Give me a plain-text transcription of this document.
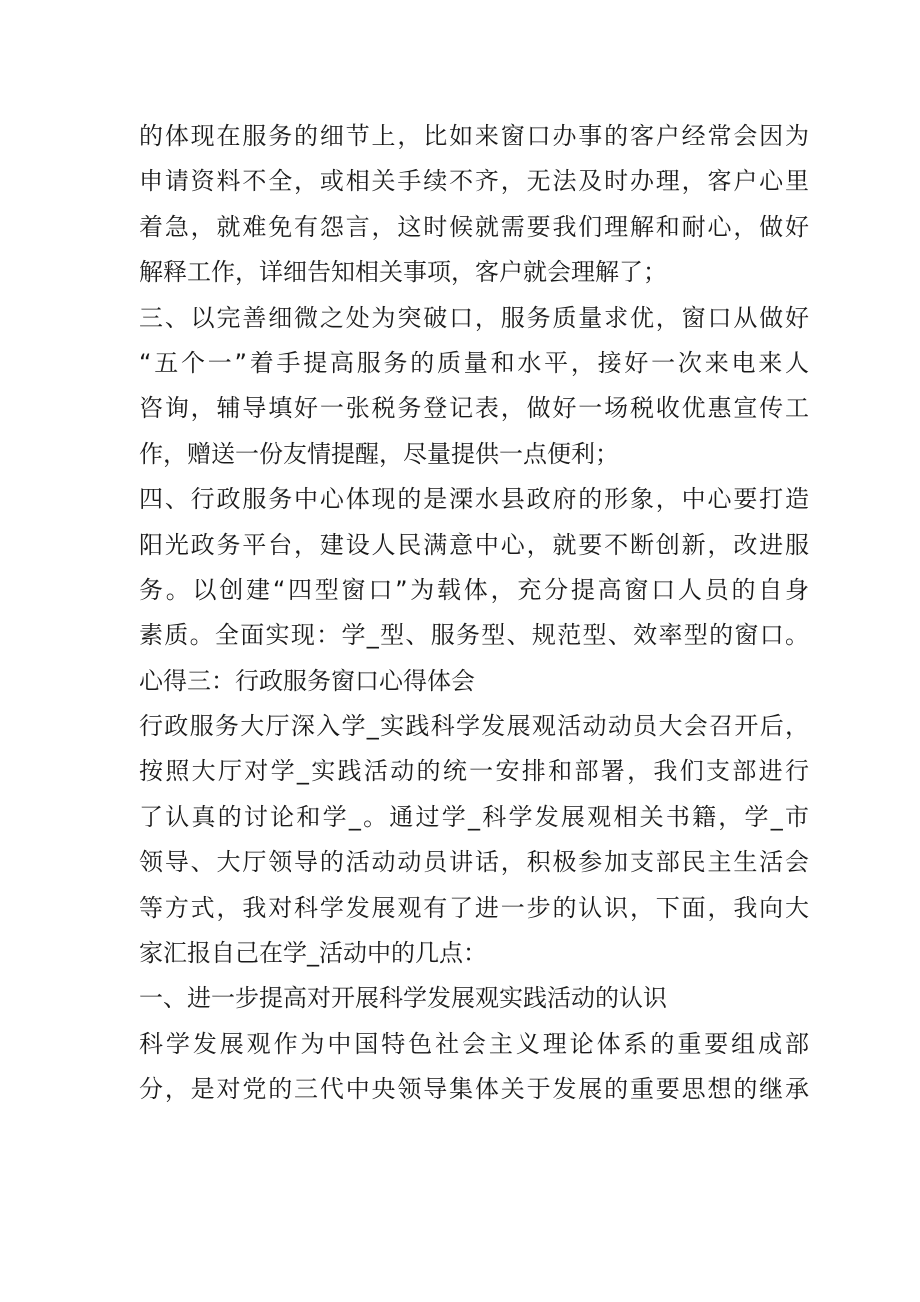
的体现在服务的细节上，比如来窗口办事的客户经常会因为
申请资料不全，或相关手续不齐，无法及时办理，客户心里
着急，就难免有怨言，这时候就需要我们理解和耐心，做好
解释工作，详细告知相关事项，客户就会理解了；
三、以完善细微之处为突破口，服务质量求优，窗口从做好
“五个一”着手提高服务的质量和水平，接好一次来电来人
咨询，辅导填好一张税务登记表，做好一场税收优惠宣传工
作，赠送一份友情提醒，尽量提供一点便利；
四、行政服务中心体现的是溧水县政府的形象，中心要打造
阳光政务平台，建设人民满意中心，就要不断创新，改进服
务。以创建“四型窗口”为载体，充分提高窗口人员的自身
素质。全面实现：学_型、服务型、规范型、效率型的窗口。
心得三：行政服务窗口心得体会
行政服务大厅深入学_实践科学发展观活动动员大会召开后，
按照大厅对学_实践活动的统一安排和部署，我们支部进行
了认真的讨论和学_。通过学_科学发展观相关书籍，学_市
领导、大厅领导的活动动员讲话，积极参加支部民主生活会
等方式，我对科学发展观有了进一步的认识，下面，我向大
家汇报自己在学_活动中的几点：
一、进一步提高对开展科学发展观实践活动的认识
科学发展观作为中国特色社会主义理论体系的重要组成部
分，是对党的三代中央领导集体关于发展的重要思想的继承
